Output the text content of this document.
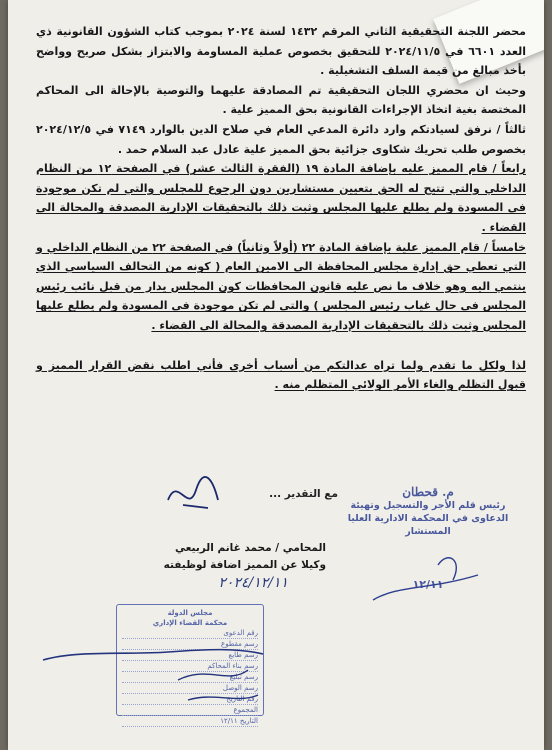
محضر اللجنة التحقيقية الثاني المرقم ١٤٣٢ لسنة ٢٠٢٤ بموجب كتاب الشؤون القانونية ذي العدد ٦٦٠١ في ٢٠٢٤/١١/٥ للتحقيق بخصوص عملية المساومة والابتزاز بشكل صريح وواضح بأخذ مبالغ من قيمة السلف التشغيلية .

وحيث ان محضري اللجان التحقيقية تم المصادقة عليهما والتوصية بالإحالة الى المحاكم المختصة بغية اتخاذ الإجراءات القانونية بحق المميز علية .

ثالثاً / نرفق لسيادتكم وارد دائرة المدعي العام في صلاح الدين بالوارد ٧١٤٩ في ٢٠٢٤/١٢/٥ بخصوص طلب تحريك شكاوى جزائية بحق المميز علية عادل عبد السلام حمد .

رابعاً / قام المميز عليه بإضافة المادة ١٩ (الفقرة الثالث عشر) في الصفحة ١٢ من النظام الداخلي والتي تتيح له الحق بتعيين مستشارين دون الرجوع للمجلس والتي لم تكن موجودة في المسودة ولم يطلع عليها المجلس وثبت ذلك بالتحقيقات الإدارية المصدقة والمحالة الى القضاء .

خامساً / قام المميز علية بإضافة المادة ٢٢ (أولاً وثانياً) في الصفحة ٢٢ من النظام الداخلي و التي تعطي حق إدارة مجلس المحافظة الى الامين العام ( كونه من التحالف السياسي الذي ينتمي اليه وهو خلاف ما نص عليه قانون المحافظات كون المجلس يدار من قبل نائب رئيس المجلس في حال غياب رئيس المجلس ) والتي لم تكن موجودة في المسودة ولم يطلع عليها المجلس وثبت ذلك بالتحقيقات الإدارية المصدقة والمحالة الى القضاء .

لذا ولكل ما تقدم ولما تراه عدالتكم من أسباب أخرى فأني اطلب نقض القرار المميز و قبول التظلم والغاء الأمر الولائي المتظلم منه .

مع التقدير ...
المحامي / محمد غانم الربيعي
وكيلا عن المميز اضافة لوظيفته
٢٠٢٤/١٢/١١
م. قحطان
رئيس قلم الأجر والتسجيل وتهيئة
الدعاوى في المحكمة الادارية العليا
المستشار
١٢/١١
مجلس الدولة
محكمة القضاء الإداري
رقم الدعوى
رسم مقطوع
رسم طابع
رسم بناء المحاكم
رسم تبليغ
رسم الوصل
رقم التاريخ
المجموع
التاريخ ١٢/١١
